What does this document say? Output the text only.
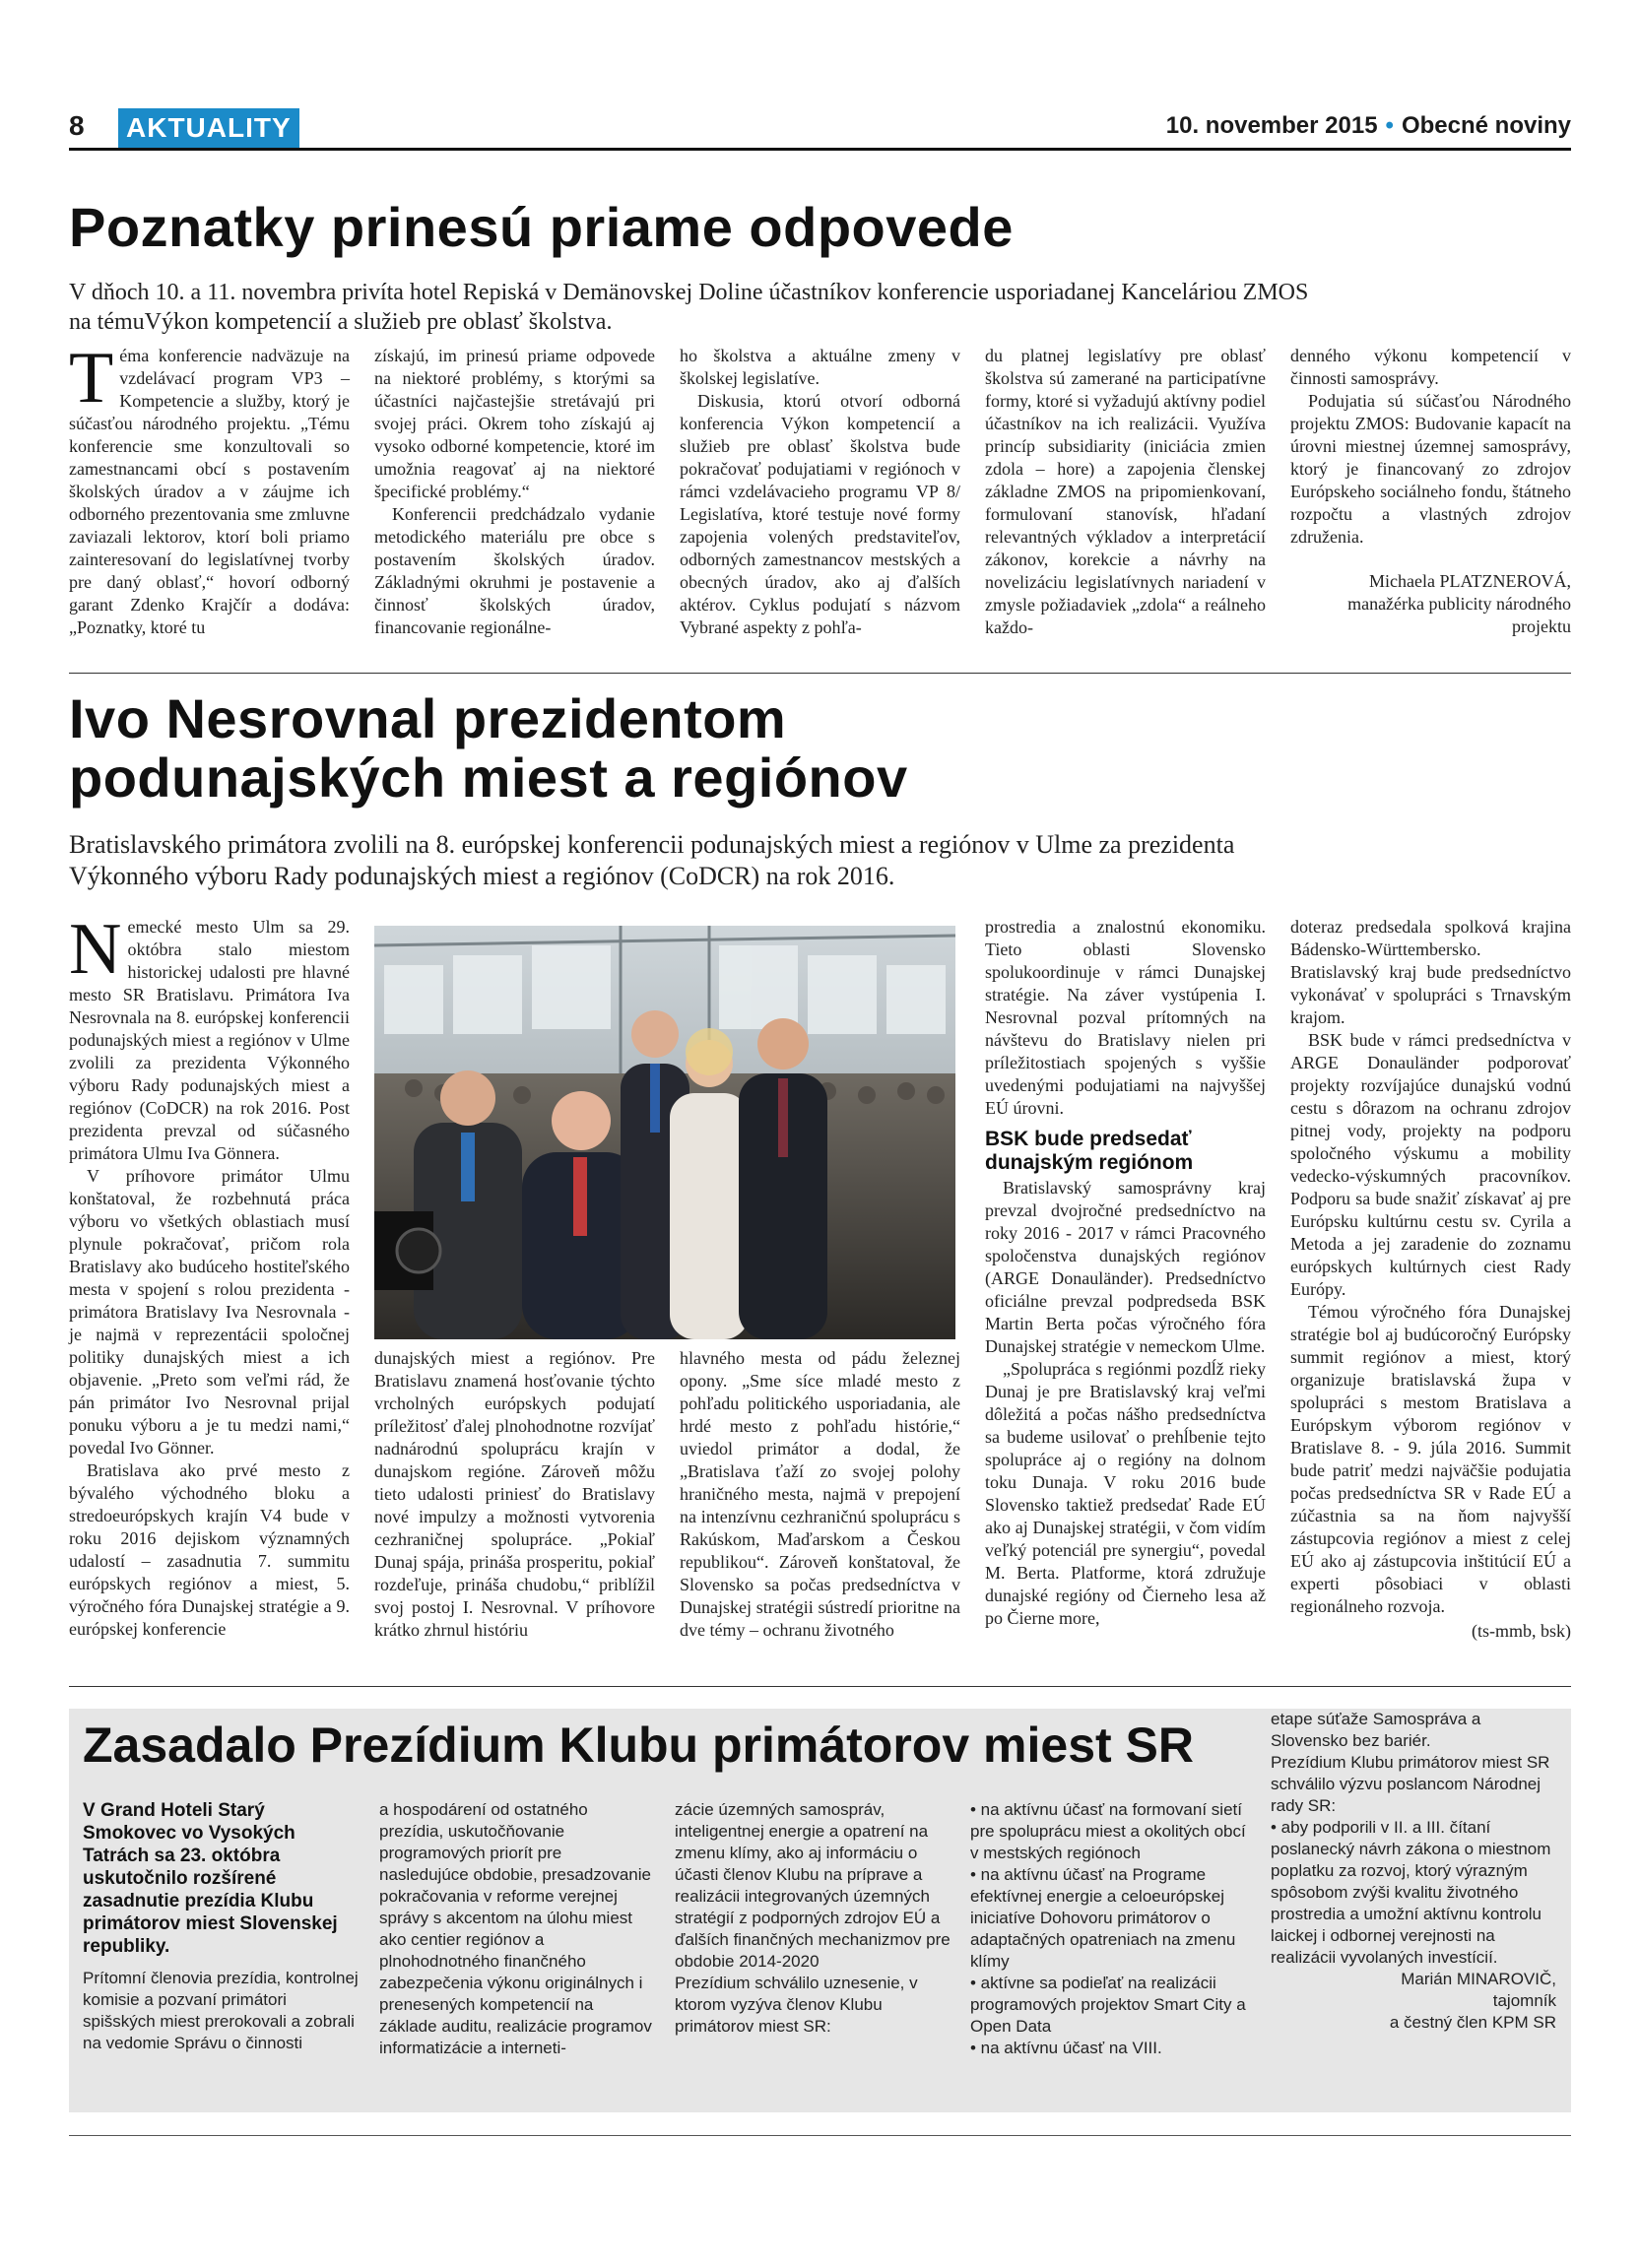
8 AKTUALITY	10. november 2015 • Obecné noviny
Poznatky prinesú priame odpovede
V dňoch 10. a 11. novembra privíta hotel Repiská v Demänovskej Doline účastníkov konferencie usporiadanej Kanceláriou ZMOS
na témuVýkon kompetencií a služieb pre oblasť školstva.
T éma konferencie nadväzuje na vzdelávací program VP3 – Kompetencie a služby, ktorý je súčasťou národného projektu. „Tému konferencie sme konzultovali so zamestnancami obcí s postavením školských úradov a v záujme ich odborného prezentovania sme zmluvne zaviazali lektorov, ktorí boli priamo zainteresovaní do legislatívnej tvorby pre daný oblasť,“ hovorí odborný garant Zdenko Krajčír a dodáva: „Poznatky, ktoré tu

získajú, im prinesú priame odpovede na niektoré problémy, s ktorými sa účastníci najčastejšie stretávajú pri svojej práci. Okrem toho získajú aj vysoko odborné kompetencie, ktoré im umožnia reagovať aj na niektoré špecifické problémy.“

Konferencii predchádzalo vydanie metodického materiálu pre obce s postavením školských úradov. Základnými okruhmi je postavenie a činnosť školských úradov, financovanie regionálne-

ho školstva a aktuálne zmeny v školskej legislatíve.

Diskusia, ktorú otvorí odborná konferencia Výkon kompetencií a služieb pre oblasť školstva bude pokračovať podujatiami v regiónoch v rámci vzdelávacieho programu VP 8/ Legislatíva, ktoré testuje nové formy zapojenia volených predstaviteľov, odborných zamestnancov mestských a obecných úradov, ako aj ďalších aktérov. Cyklus podujatí s názvom Vybrané aspekty z pohľa-

du platnej legislatívy pre oblasť školstva sú zamerané na participatívne formy, ktoré si vyžadujú aktívny podiel účastníkov na ich realizácii. Využíva princíp subsidiarity (iniciácia zmien zdola – hore) a zapojenia členskej základne ZMOS na pripomienkovaní, formulovaní stanovísk, hľadaní relevantných výkladov a interpretácií zákonov, korekcie a návrhy na novelizáciu legislatívnych nariadení v zmysle požiadaviek „zdola“ a reálneho každo-

denného výkonu kompetencií v činnosti samosprávy.

Podujatia sú súčasťou Národného projektu ZMOS: Budovanie kapacít na úrovni miestnej územnej samosprávy, ktorý je financovaný zo zdrojov Európskeho sociálneho fondu, štátneho rozpočtu a vlastných zdrojov združenia.

Michaela PLATZNEROVÁ,
manažérka publicity národného projektu
Ivo Nesrovnal prezidentom
podunajských miest a regiónov
Bratislavského primátora zvolili na 8. európskej konferencii podunajských miest a regiónov v Ulme za prezidenta
Výkonného výboru Rady podunajských miest a regiónov (CoDCR) na rok 2016.
N emecké mesto Ulm sa 29. októbra stalo miestom historickej udalosti pre hlavné mesto SR Bratislavu. Primátora Iva Nesrovnala na 8. európskej konferencii podunajských miest a regiónov v Ulme zvolili za prezidenta Výkonného výboru Rady podunajských miest a regiónov (CoDCR) na rok 2016. Post prezidenta prevzal od súčasného primátora Ulmu Iva Gönnera.

V príhovore primátor Ulmu konštatoval, že rozbehnutá práca výboru vo všetkých oblastiach musí plynule pokračovať, pričom rola Bratislavy ako budúceho hostiteľského mesta v spojení s rolou prezidenta - primátora Bratislavy Iva Nesrovnala - je najmä v reprezentácii spoločnej politiky dunajských miest a ich objavenie. „Preto som veľmi rád, že pán primátor Ivo Nesrovnal prijal ponuku výboru a je tu medzi nami,“ povedal Ivo Gönner.

Bratislava ako prvé mesto z bývalého východného bloku a stredoeurópskych krajín V4 bude v roku 2016 dejiskom významných udalostí – zasadnutia 7. summitu európskych regiónov a miest, 5. výročného fóra Dunajskej stratégie a 9. európskej konferencie

dunajských miest a regiónov. Pre Bratislavu znamená hosťovanie týchto vrcholných európskych podujatí príležitosť ďalej plnohodnotne rozvíjať nadnárodnú spoluprácu krajín v dunajskom regióne. Zároveň môžu tieto udalosti priniesť do Bratislavy nové impulzy a možnosti vytvorenia cezhraničnej spolupráce. „Pokiaľ Dunaj spája, prináša prosperitu, pokiaľ rozdeľuje, prináša chudobu,“ priblížil svoj postoj I. Nesrovnal. V príhovore krátko zhrnul históriu

hlavného mesta od pádu železnej opony. „Sme síce mladé mesto z pohľadu politického usporiadania, ale hrdé mesto z pohľadu histórie,“ uviedol primátor a dodal, že „Bratislava ťaží zo svojej polohy hraničného mesta, najmä v prepojení na intenzívnu cezhraničnú spoluprácu s Rakúskom, Maďarskom a Českou republikou“. Zároveň konštatoval, že Slovensko sa počas predsedníctva v Dunajskej stratégii sústredí prioritne na dve témy – ochranu životného

prostredia a znalostnú ekonomiku. Tieto oblasti Slovensko spolukoordinuje v rámci Dunajskej stratégie. Na záver vystúpenia I. Nesrovnal pozval prítomných na návštevu do Bratislavy nielen pri príležitostiach spojených s vyššie uvedenými podujatiami na najvyššej EÚ úrovni.

BSK bude predsedať dunajským regiónom

Bratislavský samosprávny kraj prevzal dvojročné predsedníctvo na roky 2016 - 2017 v rámci Pracovného spoločenstva dunajských regiónov (ARGE Donauländer). Predsedníctvo oficiálne prevzal podpredseda BSK Martin Berta počas výročného fóra Dunajskej stratégie v nemeckom Ulme.

„Spolupráca s regiónmi pozdĺž rieky Dunaj je pre Bratislavský kraj veľmi dôležitá a počas nášho predsedníctva sa budeme usilovať o prehĺbenie tejto spolupráce aj o regióny na dolnom toku Dunaja. V roku 2016 bude Slovensko taktiež predsedať Rade EÚ ako aj Dunajskej stratégii, v čom vidím veľký potenciál pre synergiu“, povedal M. Berta. Platforme, ktorá združuje dunajské regióny od Čierneho lesa až po Čierne more,

doteraz predsedala spolková krajina Bádensko-Württembersko. Bratislavský kraj bude predsedníctvo vykonávať v spolupráci s Trnavským krajom.

BSK bude v rámci predsedníctva v ARGE Donauländer podporovať projekty rozvíjajúce dunajskú vodnú cestu s dôrazom na ochranu zdrojov pitnej vody, projekty na podporu spoločného výskumu a mobility vedecko-výskumných pracovníkov. Podporu sa bude snažiť získavať aj pre Európsku kultúrnu cestu sv. Cyrila a Metoda a jej zaradenie do zoznamu európskych kultúrnych ciest Rady Európy.

Témou výročného fóra Dunajskej stratégie bol aj budúcoročný Európsky summit regiónov a miest, ktorý organizuje bratislavská župa v spolupráci s mestom Bratislava a Európskym výborom regiónov v Bratislave 8. - 9. júla 2016. Summit bude patriť medzi najväčšie podujatia počas predsedníctva SR v Rade EÚ a zúčastnia sa na ňom najvyšší zástupcovia regiónov a miest z celej EÚ ako aj zástupcovia inštitúcií EÚ a experti pôsobiaci v oblasti regionálneho rozvoja.

(ts-mmb, bsk)
Zasadalo Prezídium Klubu primátorov miest SR

V Grand Hoteli Starý Smokovec vo Vysokých Tatrách sa 23. októbra uskutočnilo rozšírené zasadnutie prezídia Klubu primátorov miest Slovenskej republiky.

Prítomní členovia prezídia, kontrolnej komisie a pozvaní primátori spišských miest prerokovali a zobrali na vedomie Správu o činnosti

a hospodárení od ostatného prezídia, uskutočňovanie programových priorít pre nasledujúce obdobie, presadzovanie pokračovania v reforme verejnej správy s akcentom na úlohu miest ako centier regiónov a plnohodnotného finančného zabezpečenia výkonu originálnych i prenesených kompetencií na základe auditu, realizácie programov informatizácie a interneti-

zácie územných samospráv, inteligentnej energie a opatrení na zmenu klímy, ako aj informáciu o účasti členov Klubu na príprave a realizácii integrovaných územných stratégií z podporných zdrojov EÚ a ďalších finančných mechanizmov pre obdobie 2014-2020

Prezídium schválilo uznesenie, v ktorom vyzýva členov Klubu primátorov miest SR:

• na aktívnu účasť na formovaní sietí pre spoluprácu miest a okolitých obcí v mestských regiónoch

• na aktívnu účasť na Programe efektívnej energie a celoeurópskej iniciatíve Dohovoru primátorov o adaptačných opatreniach na zmenu klímy

• aktívne sa podieľať na realizácii programových projektov Smart City a Open Data

• na aktívnu účasť na VIII.

etape súťaže Samospráva a Slovensko bez bariér.

Prezídium Klubu primátorov miest SR schválilo výzvu poslancom Národnej rady SR:

• aby podporili v II. a III. čítaní poslanecký návrh zákona o miestnom poplatku za rozvoj, ktorý výrazným spôsobom zvýši kvalitu životného prostredia a umožní aktívnu kontrolu laickej i odbornej verejnosti na realizácii vyvolaných investícií.

Marián MINAROVIČ,

tajomník

a čestný člen KPM SR
